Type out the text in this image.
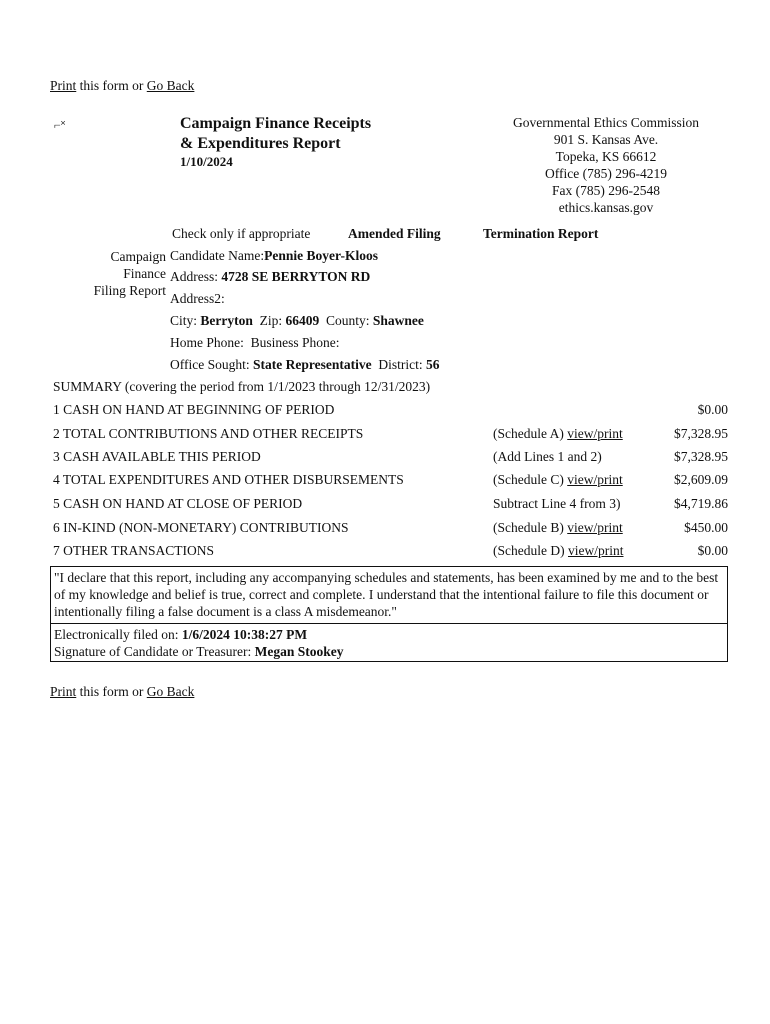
Print this form or Go Back
⌐˟	Campaign Finance Receipts
& Expenditures Report
1/10/2024
Governmental Ethics Commission
901 S. Kansas Ave.
Topeka, KS 66612
Office (785) 296-4219
Fax (785) 296-2548
ethics.kansas.gov
Check only if appropriate	Amended Filing	Termination Report
Campaign
Finance
Filing Report
Candidate Name:Pennie Boyer-Kloos
Address: 4728 SE BERRYTON RD
Address2:
City: Berryton  Zip: 66409  County: Shawnee
Home Phone: Business Phone:
Office Sought: State Representative  District: 56
SUMMARY (covering the period from 1/1/2023 through 12/31/2023)
1 CASH ON HAND AT BEGINNING OF PERIOD	$0.00
2 TOTAL CONTRIBUTIONS AND OTHER RECEIPTS	(Schedule A) view/print	$7,328.95
3 CASH AVAILABLE THIS PERIOD	(Add Lines 1 and 2)	$7,328.95
4 TOTAL EXPENDITURES AND OTHER DISBURSEMENTS	(Schedule C) view/print	$2,609.09
5 CASH ON HAND AT CLOSE OF PERIOD	Subtract Line 4 from 3)	$4,719.86
6 IN-KIND (NON-MONETARY) CONTRIBUTIONS	(Schedule B) view/print	$450.00
7 OTHER TRANSACTIONS	(Schedule D) view/print	$0.00
"I declare that this report, including any accompanying schedules and statements, has been examined by me and to the best of my knowledge and belief is true, correct and complete. I understand that the intentional failure to file this document or intentionally filing a false document is a class A misdemeanor."
Electronically filed on: 1/6/2024 10:38:27 PM
Signature of Candidate or Treasurer: Megan Stookey
Print this form or Go Back
